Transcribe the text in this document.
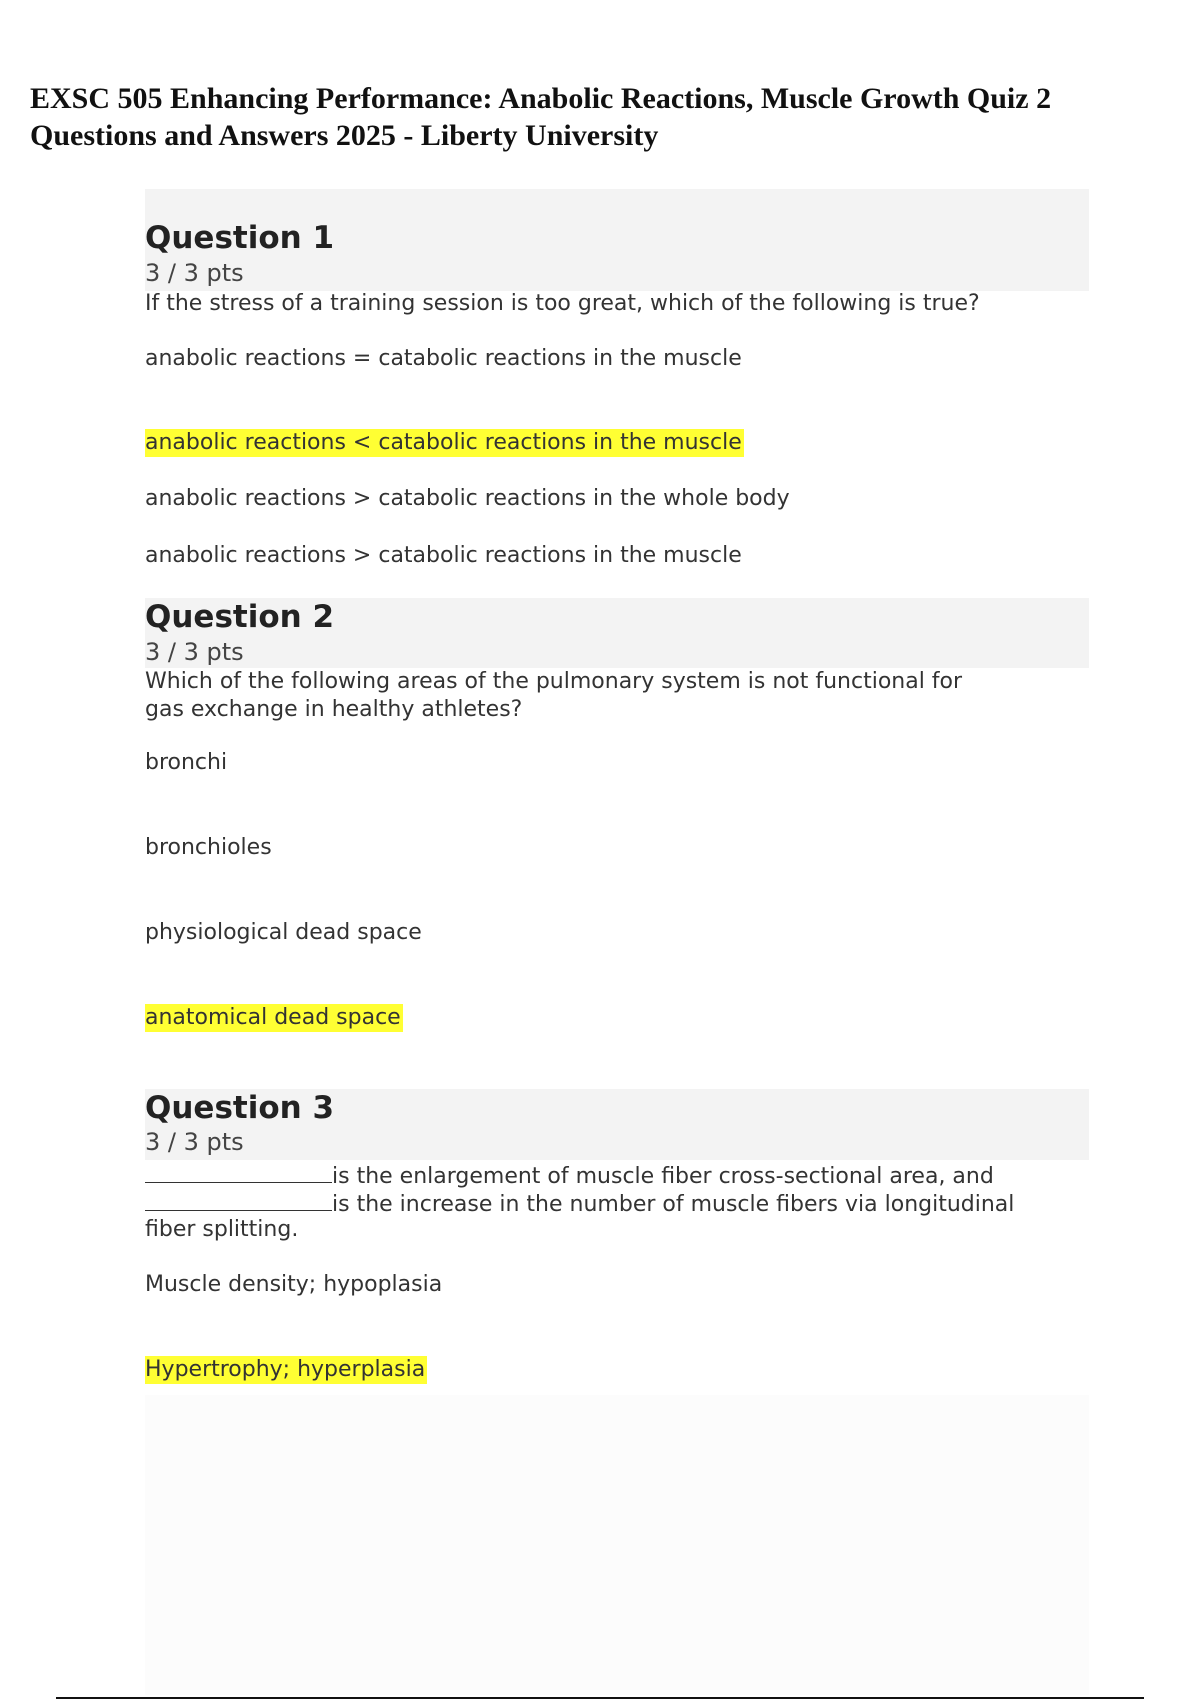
EXSC 505 Enhancing Performance: Anabolic Reactions, Muscle Growth Quiz 2 Questions and Answers 2025 - Liberty University
Question 1
3 / 3 pts
If the stress of a training session is too great, which of the following is true?
anabolic reactions = catabolic reactions in the muscle
anabolic reactions < catabolic reactions in the muscle
anabolic reactions > catabolic reactions in the whole body
anabolic reactions > catabolic reactions in the muscle
Question 2
3 / 3 pts
Which of the following areas of the pulmonary system is not functional for
gas exchange in healthy athletes?
bronchi
bronchioles
physiological dead space
anatomical dead space
Question 3
3 / 3 pts
is the enlargement of muscle fiber cross-sectional area, and
is the increase in the number of muscle fibers via longitudinal
fiber splitting.
Muscle density; hypoplasia
Hypertrophy; hyperplasia
